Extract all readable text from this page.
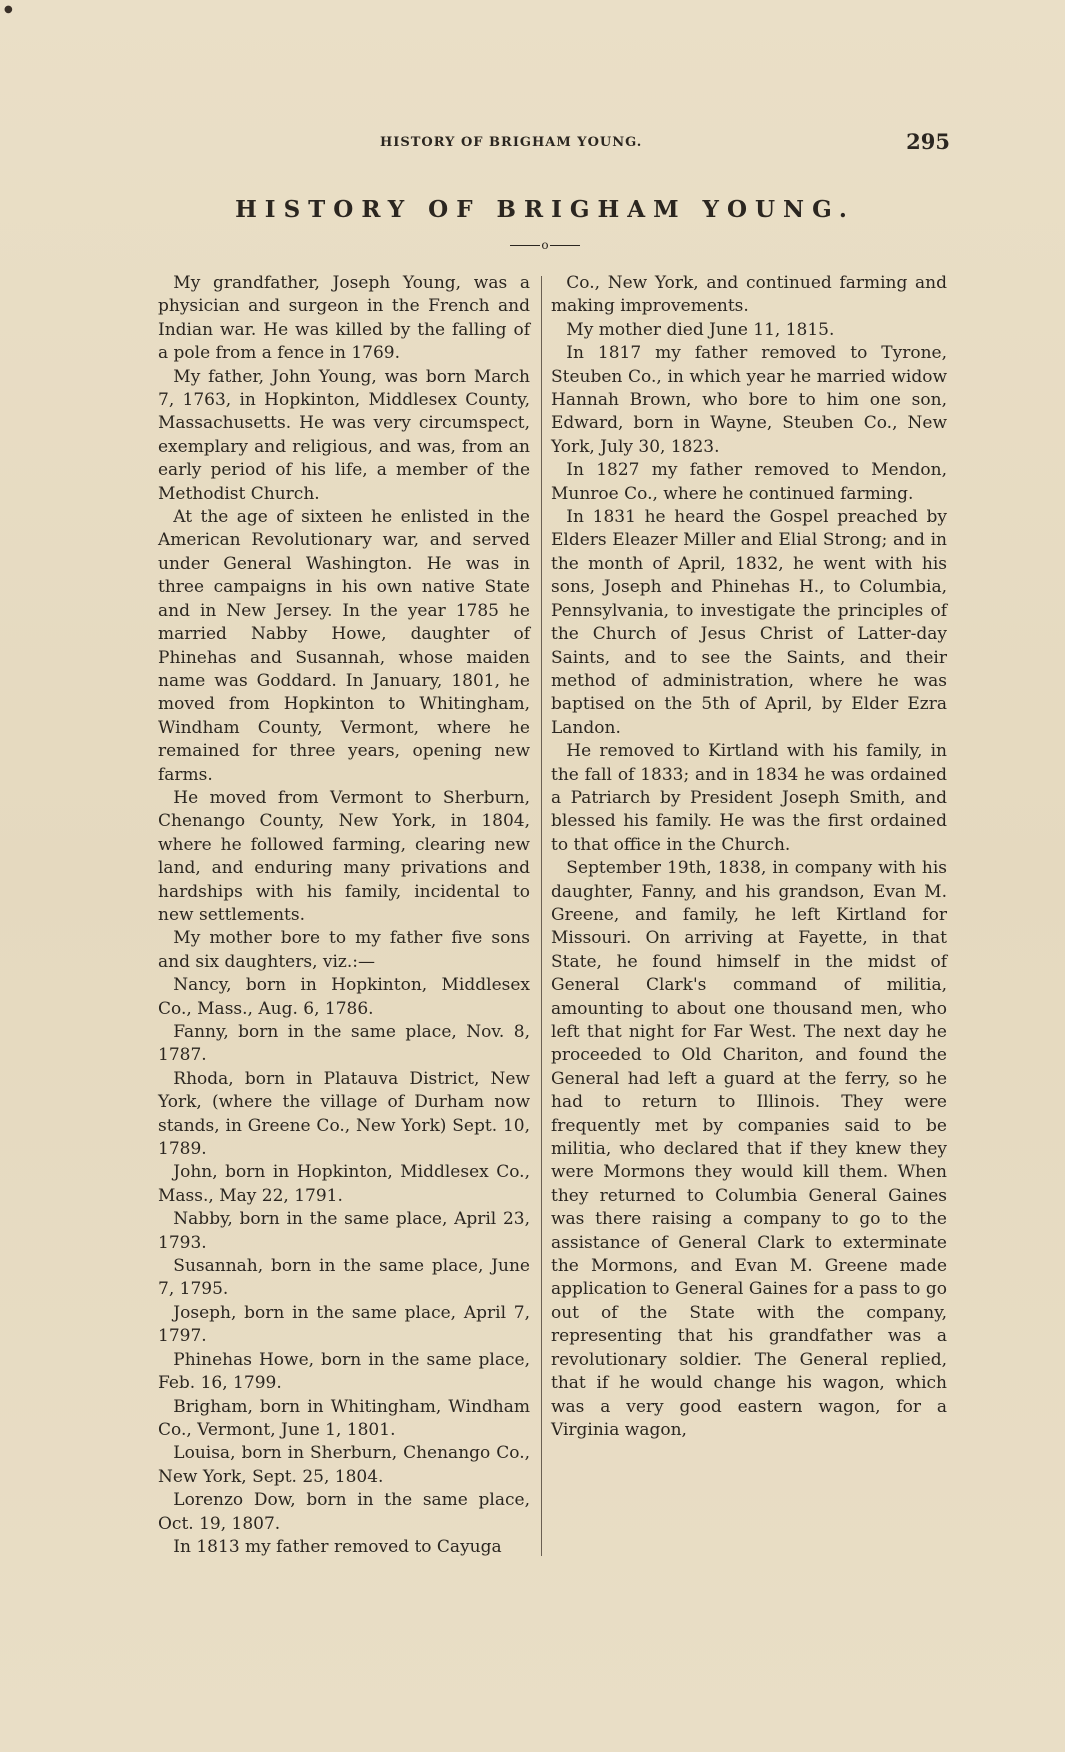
●
HISTORY OF BRIGHAM YOUNG.	295
HISTORY OF BRIGHAM YOUNG.
o

My grandfather, Joseph Young, was a physician and surgeon in the French and Indian war. He was killed by the falling of a pole from a fence in 1769.

My father, John Young, was born March 7, 1763, in Hopkinton, Middlesex County, Massachusetts. He was very circumspect, exemplary and religious, and was, from an early period of his life, a member of the Methodist Church.

At the age of sixteen he enlisted in the American Revolutionary war, and served under General Washington. He was in three campaigns in his own native State and in New Jersey. In the year 1785 he married Nabby Howe, daughter of Phinehas and Susannah, whose maiden name was Goddard. In January, 1801, he moved from Hopkinton to Whitingham, Windham County, Vermont, where he remained for three years, opening new farms.

He moved from Vermont to Sherburn, Chenango County, New York, in 1804, where he followed farming, clearing new land, and enduring many privations and hardships with his family, incidental to new settlements.

My mother bore to my father five sons and six daughters, viz.:—

Nancy, born in Hopkinton, Middlesex Co., Mass., Aug. 6, 1786.

Fanny, born in the same place, Nov. 8, 1787.

Rhoda, born in Platauva District, New York, (where the village of Durham now stands, in Greene Co., New York) Sept. 10, 1789.

John, born in Hopkinton, Middlesex Co., Mass., May 22, 1791.

Nabby, born in the same place, April 23, 1793.

Susannah, born in the same place, June 7, 1795.

Joseph, born in the same place, April 7, 1797.

Phinehas Howe, born in the same place, Feb. 16, 1799.

Brigham, born in Whitingham, Windham Co., Vermont, June 1, 1801.

Louisa, born in Sherburn, Chenango Co., New York, Sept. 25, 1804.

Lorenzo Dow, born in the same place, Oct. 19, 1807.

In 1813 my father removed to Cayuga

Co., New York, and continued farming and making improvements.

My mother died June 11, 1815.

In 1817 my father removed to Tyrone, Steuben Co., in which year he married widow Hannah Brown, who bore to him one son, Edward, born in Wayne, Steuben Co., New York, July 30, 1823.

In 1827 my father removed to Mendon, Munroe Co., where he continued farming.

In 1831 he heard the Gospel preached by Elders Eleazer Miller and Elial Strong; and in the month of April, 1832, he went with his sons, Joseph and Phinehas H., to Columbia, Pennsylvania, to investigate the principles of the Church of Jesus Christ of Latter-day Saints, and to see the Saints, and their method of administration, where he was baptised on the 5th of April, by Elder Ezra Landon.

He removed to Kirtland with his family, in the fall of 1833; and in 1834 he was ordained a Patriarch by President Joseph Smith, and blessed his family. He was the first ordained to that office in the Church.

September 19th, 1838, in company with his daughter, Fanny, and his grandson, Evan M. Greene, and family, he left Kirtland for Missouri. On arriving at Fayette, in that State, he found himself in the midst of General Clark's command of militia, amounting to about one thousand men, who left that night for Far West. The next day he proceeded to Old Chariton, and found the General had left a guard at the ferry, so he had to return to Illinois. They were frequently met by companies said to be militia, who declared that if they knew they were Mormons they would kill them. When they returned to Columbia General Gaines was there raising a company to go to the assistance of General Clark to exterminate the Mormons, and Evan M. Greene made application to General Gaines for a pass to go out of the State with the company, representing that his grandfather was a revolutionary soldier. The General replied, that if he would change his wagon, which was a very good eastern wagon, for a Virginia wagon,
